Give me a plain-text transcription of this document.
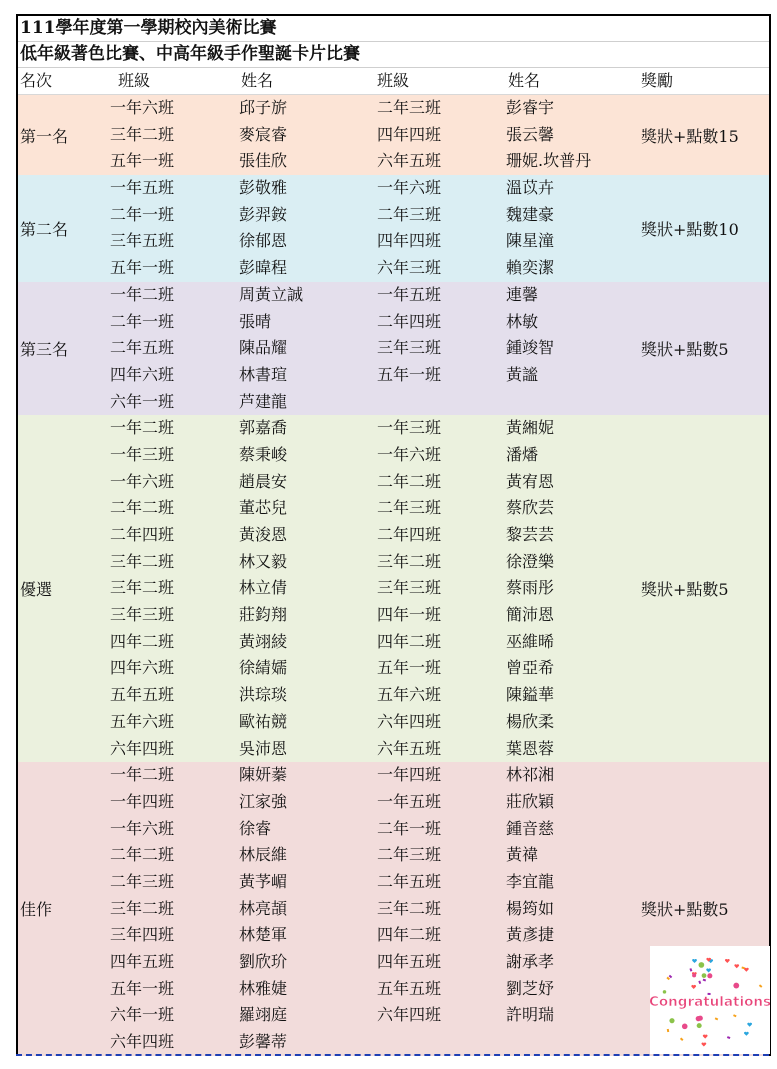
111學年度第一學期校內美術比賽
低年級著色比賽、中高年級手作聖誕卡片比賽
名次	班級	姓名	班級	姓名	獎勵
第一名	獎狀+點數15
一年六班	邱子旂	二年三班	彭睿宇
三年二班	麥宸睿	四年四班	張云馨
五年一班	張佳欣	六年五班	珊妮.坎普丹
第二名	獎狀+點數10
一年五班	彭敬雅	一年六班	溫苡卉
二年一班	彭羿銨	二年三班	魏建豪
三年五班	徐郁恩	四年四班	陳星潼
五年一班	彭暐程	六年三班	賴奕潔
第三名	獎狀+點數5
一年二班	周黃立誠	一年五班	連馨
二年一班	張晴	二年四班	林敏
二年五班	陳品耀	三年三班	鍾竣智
四年六班	林書瑄	五年一班	黃謐
六年一班	芦建龍
優選	獎狀+點數5
一年二班	郭嘉喬	一年三班	黃緗妮
一年三班	蔡秉峻	一年六班	潘燔
一年六班	趙晨安	二年二班	黃宥恩
二年二班	董芯兒	二年三班	蔡欣芸
二年四班	黃浚恩	二年四班	黎芸芸
三年二班	林又毅	三年二班	徐澄樂
三年二班	林立倩	三年三班	蔡雨彤
三年三班	莊鈞翔	四年一班	簡沛恩
四年二班	黃翊綾	四年二班	巫維晞
四年六班	徐綪嬬	五年一班	曾亞希
五年五班	洪琮琰	五年六班	陳鎰華
五年六班	歐祐競	六年四班	楊欣柔
六年四班	吳沛恩	六年五班	葉恩蓉
佳作	獎狀+點數5
一年二班	陳妍蓁	一年四班	林祁湘
一年四班	江家強	一年五班	莊欣穎
一年六班	徐睿	二年一班	鍾音慈
二年二班	林辰維	二年三班	黃禕
二年三班	黃芧嵋	二年五班	李宜龍
三年二班	林亮頡	三年二班	楊筠如
三年四班	林楚軍	四年二班	黃彥捷
四年五班	劉欣玠	四年五班	謝承孝
五年一班	林雅婕	五年五班	劉芝妤
六年一班	羅翊庭	六年四班	許明瑞
六年四班	彭馨蒂
Congratulations
